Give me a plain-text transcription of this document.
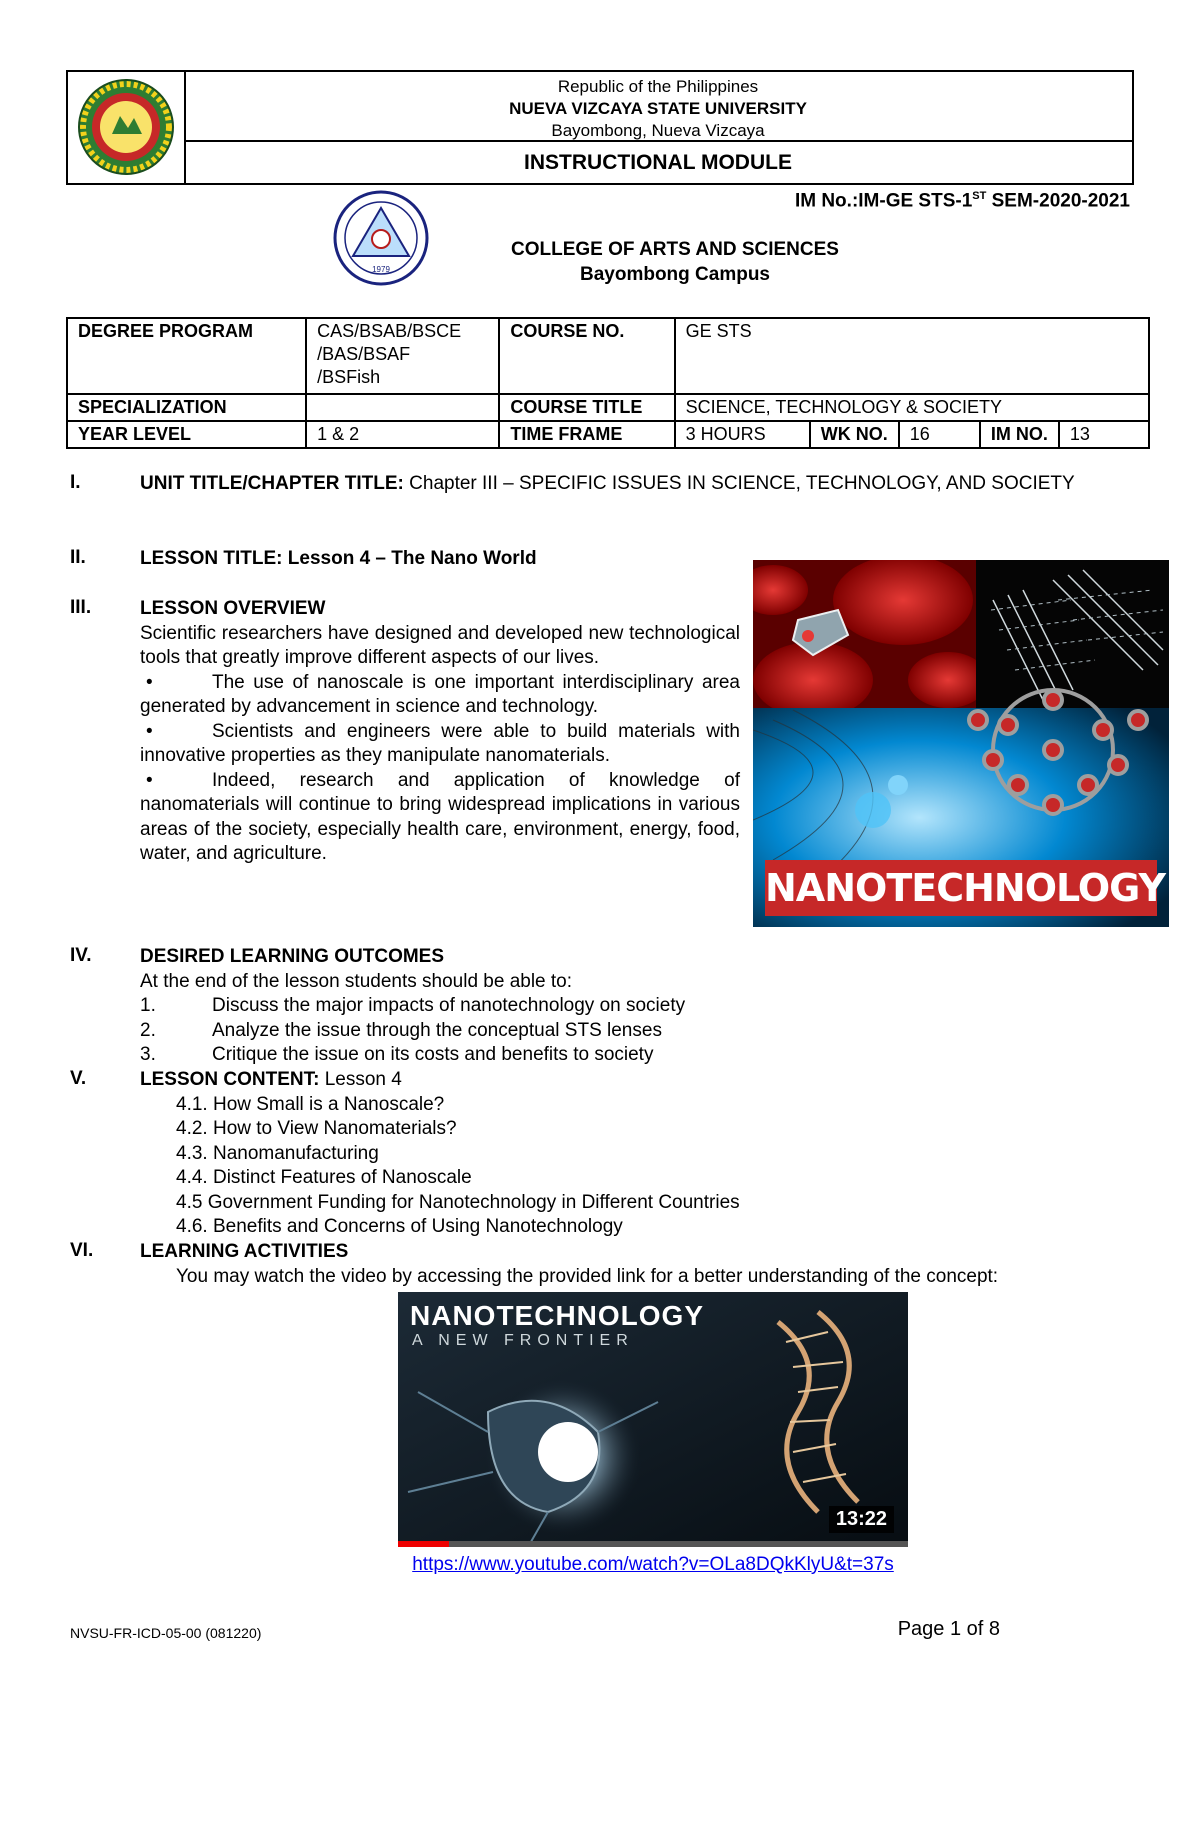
Republic of the Philippines
NUEVA VIZCAYA STATE UNIVERSITY
Bayombong, Nueva Vizcaya
INSTRUCTIONAL MODULE
IM No.:IM-GE STS-1ST SEM-2020-2021
1979
COLLEGE OF ARTS AND SCIENCES
Bayombong Campus
DEGREE PROGRAM	CAS/BSAB/BSCE
/BAS/BSAF
/BSFish	COURSE NO.	GE STS				
SPECIALIZATION		COURSE TITLE	SCIENCE, TECHNOLOGY & SOCIETY				
YEAR LEVEL	1 & 2	TIME FRAME	3 HOURS	WK NO.	16	IM NO.	13
I.	UNIT TITLE/CHAPTER TITLE: Chapter III – SPECIFIC ISSUES IN SCIENCE, TECHNOLOGY, AND SOCIETY
II.	LESSON TITLE: Lesson 4 – The Nano World
III.	LESSON OVERVIEW
Scientific researchers have designed and developed new technological tools that greatly improve different aspects of our lives.
•	The use of nanoscale is one important interdisciplinary area generated by advancement in science and technology.
•	Scientists and engineers were able to build materials with innovative properties as they manipulate nanomaterials.
•	Indeed, research and application of knowledge of nanomaterials will continue to bring widespread implications in various areas of the society, especially health care, environment, energy, food, water, and agriculture.
NANOTECHNOLOGY
IV.	DESIRED LEARNING OUTCOMES
At the end of the lesson students should be able to:
1.	Discuss the major impacts of nanotechnology on society
2.	Analyze the issue through the conceptual STS lenses
3.	Critique the issue on its costs and benefits to society
V.	LESSON CONTENT: Lesson 4
4.1. How Small is a Nanoscale?
4.2. How to View Nanomaterials?
4.3. Nanomanufacturing
4.4. Distinct Features of Nanoscale
4.5 Government Funding for Nanotechnology in Different Countries
4.6. Benefits and Concerns of Using Nanotechnology
VI. LEARNING ACTIVITIES
You may watch the video by accessing the provided link for a better understanding of the concept:
NANOTECHNOLOGY
A NEW FRONTIER
13:22
https://www.youtube.com/watch?v=OLa8DQkKlyU&t=37s
NVSU-FR-ICD-05-00 (081220)	Page 1 of 8
